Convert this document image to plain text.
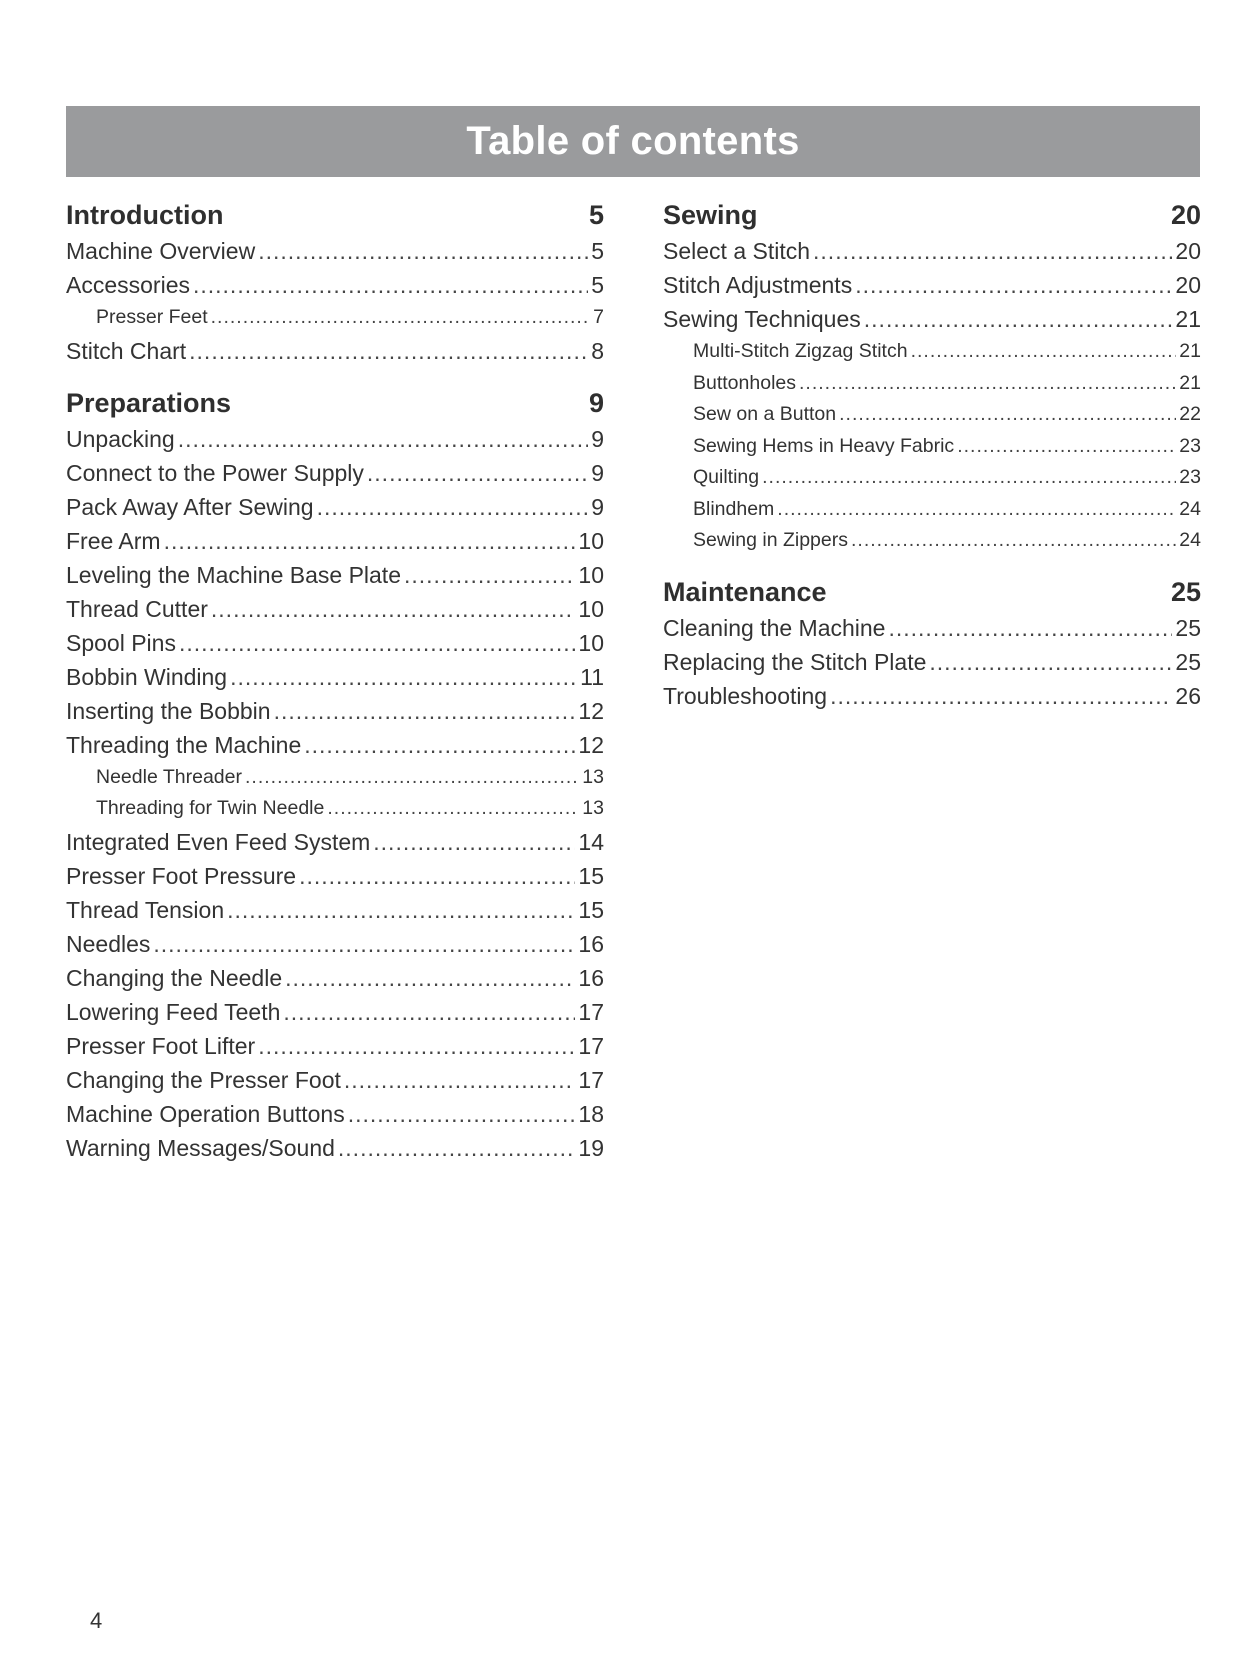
Table of contents
Introduction	5
Machine Overview .....	5
Accessories .....	5
Presser Feet .....	7
Stitch Chart .....	8
Preparations	9
Unpacking .....	9
Connect to the Power Supply .....	9
Pack Away After Sewing .....	9
Free Arm .....	10
Leveling the Machine Base Plate .....	10
Thread Cutter .....	10
Spool Pins .....	10
Bobbin Winding .....	11
Inserting the Bobbin .....	12
Threading the Machine .....	12
Needle Threader .....	13
Threading for Twin Needle .....	13
Integrated Even Feed System .....	14
Presser Foot Pressure .....	15
Thread Tension .....	15
Needles .....	16
Changing the Needle .....	16
Lowering Feed Teeth .....	17
Presser Foot Lifter .....	17
Changing the Presser Foot .....	17
Machine Operation Buttons .....	18
Warning Messages/Sound .....	19
Sewing	20
Select a Stitch .....	20
Stitch Adjustments .....	20
Sewing Techniques .....	21
Multi-Stitch Zigzag Stitch .....	21
Buttonholes .....	21
Sew on a Button .....	22
Sewing Hems in Heavy Fabric .....	23
Quilting .....	23
Blindhem .....	24
Sewing in Zippers .....	24
Maintenance	25
Cleaning the Machine .....	25
Replacing the Stitch Plate .....	25
Troubleshooting .....	26
4
